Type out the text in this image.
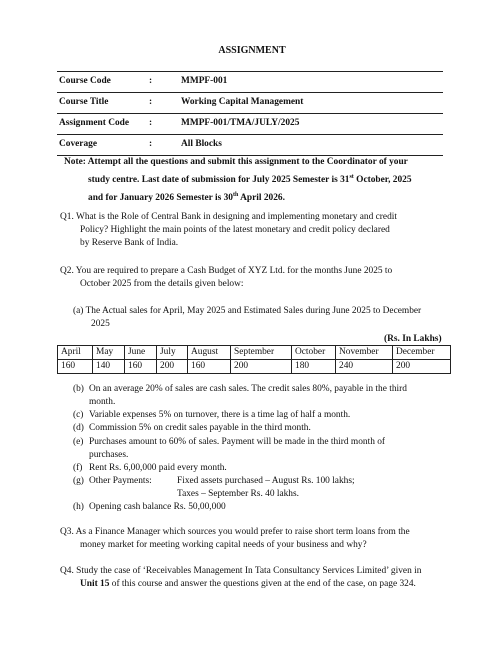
ASSIGNMENT
Course Code	:	MMPF-001
Course Title	:	Working Capital Management
Assignment Code	:	MMPF-001/TMA/JULY/2025
Coverage	:	All Blocks
Note: Attempt all the questions and submit this assignment to the Coordinator of your
study centre. Last date of submission for July 2025 Semester is 31st October, 2025
and for January 2026 Semester is 30th April 2026.
Q1. What is the Role of Central Bank in designing and implementing monetary and credit
Policy? Highlight the main points of the latest monetary and credit policy declared
by Reserve Bank of India.
Q2. You are required to prepare a Cash Budget of XYZ Ltd. for the months June 2025 to
October 2025 from the details given below:
(a) The Actual sales for April, May 2025 and Estimated Sales during June 2025 to December
2025
(Rs. In Lakhs)
April	May	June	July	August	September	October	November	December
160	140	160	200	160	200	180	240	200
(b) On an average 20% of sales are cash sales. The credit sales 80%, payable in the third
month.
(c) Variable expenses 5% on turnover, there is a time lag of half a month.
(d) Commission 5% on credit sales payable in the third month.
(e) Purchases amount to 60% of sales. Payment will be made in the third month of
purchases.
(f) Rent Rs. 6,00,000 paid every month.
(g) Other Payments:	Fixed assets purchased – August Rs. 100 lakhs;
Taxes – September Rs. 40 lakhs.
(h) Opening cash balance Rs. 50,00,000
Q3. As a Finance Manager which sources you would prefer to raise short term loans from the
money market for meeting working capital needs of your business and why?
Q4. Study the case of ‘Receivables Management In Tata Consultancy Services Limited’ given in
Unit 15 of this course and answer the questions given at the end of the case, on page 324.
